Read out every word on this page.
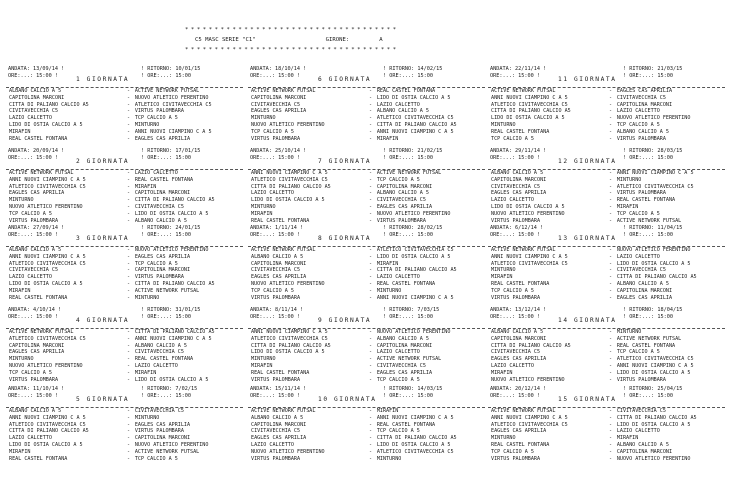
* * * * * * * * * * * * * * * * * * * * * * * * * * * * * * * * * * * *
C5 MASC SERIE "C1"	GIRONE:	A
* * * * * * * * * * * * * * * * * * * * * * * * * * * * * * * * * * * *
ANDATA: 13/09/14 !
ORE:...: 15:00 !
! RITORNO: 10/01/15
! ORE:...: 15:00
1 GIORNATA
ALBANO CALCIO A 5	- ACTIVE NETWORK FUTSAL
CAPITOLINA MARCONI	- NUOVO ATLETICO FERENTINO
CITTA DI PALIANO CALCIO A5	- ATLETICO CIVITAVECCHIA C5
CIVITAVECCHIA C5	- VIRTUS PALOMBARA
LAZIO CALCETTO	- TCP CALCIO A 5
LIDO DI OSTIA CALCIO A 5	- MINTURNO
MIRAFIN	- ANNI NUOVI CIAMPINO C A 5
REAL CASTEL FONTANA	- EAGLES CAS APRILIA
ANDATA: 20/09/14 !
ORE:...: 15:00 !
! RITORNO: 17/01/15
! ORE:...: 15:00
2 GIORNATA
ACTIVE NETWORK FUTSAL	- LAZIO CALCETTO
ANNI NUOVI CIAMPINO C A 5	- REAL CASTEL FONTANA
ATLETICO CIVITAVECCHIA C5	- MIRAFIN
EAGLES CAS APRILIA	- CAPITOLINA MARCONI
MINTURNO	- CITTA DI PALIANO CALCIO A5
NUOVO ATLETICO FERENTINO	- CIVITAVECCHIA C5
TCP CALCIO A 5	- LIDO DI OSTIA CALCIO A 5
VIRTUS PALOMBARA	- ALBANO CALCIO A 5
ANDATA: 27/09/14 !
ORE:...: 15:00 !
! RITORNO: 24/01/15
! ORE:...: 15:00
3 GIORNATA
ALBANO CALCIO A 5	- NUOVO ATLETICO FERENTINO
ANNI NUOVI CIAMPINO C A 5	- EAGLES CAS APRILIA
ATLETICO CIVITAVECCHIA C5	- TCP CALCIO A 5
CIVITAVECCHIA C5	- CAPITOLINA MARCONI
LAZIO CALCETTO	- VIRTUS PALOMBARA
LIDO DI OSTIA CALCIO A 5	- CITTA DI PALIANO CALCIO A5
MIRAFIN	- ACTIVE NETWORK FUTSAL
REAL CASTEL FONTANA	- MINTURNO
ANDATA: 4/10/14 !
ORE:...: 15:00 !
! RITORNO: 31/01/15
! ORE:...: 15:00
4 GIORNATA
ACTIVE NETWORK FUTSAL	- CITTA DI PALIANO CALCIO A5
ATLETICO CIVITAVECCHIA C5	- ANNI NUOVI CIAMPINO C A 5
CAPITOLINA MARCONI	- ALBANO CALCIO A 5
EAGLES CAS APRILIA	- CIVITAVECCHIA C5
MINTURNO	- REAL CASTEL FONTANA
NUOVO ATLETICO FERENTINO	- LAZIO CALCETTO
TCP CALCIO A 5	- MIRAFIN
VIRTUS PALOMBARA	- LIDO DI OSTIA CALCIO A 5
ANDATA: 11/10/14 !
ORE:...: 15:00 !
! RITORNO: 7/02/15
! ORE:...: 15:00
5 GIORNATA
ALBANO CALCIO A 5	- CIVITAVECCHIA C5
ANNI NUOVI CIAMPINO C A 5	- MINTURNO
ATLETICO CIVITAVECCHIA C5	- EAGLES CAS APRILIA
CITTA DI PALIANO CALCIO A5	- VIRTUS PALOMBARA
LAZIO CALCETTO	- CAPITOLINA MARCONI
LIDO DI OSTIA CALCIO A 5	- NUOVO ATLETICO FERENTINO
MIRAFIN	- ACTIVE NETWORK FUTSAL
REAL CASTEL FONTANA	- TCP CALCIO A 5
ANDATA: 18/10/14 !
ORE:...: 15:00 !
! RITORNO: 14/02/15
! ORE:...: 15:00
6 GIORNATA
ACTIVE NETWORK FUTSAL	- REAL CASTEL FONTANA
CAPITOLINA MARCONI	- LIDO DI OSTIA CALCIO A 5
CIVITAVECCHIA C5	- LAZIO CALCETTO
EAGLES CAS APRILIA	- ALBANO CALCIO A 5
MINTURNO	- ATLETICO CIVITAVECCHIA C5
NUOVO ATLETICO FERENTINO	- CITTA DI PALIANO CALCIO A5
TCP CALCIO A 5	- ANNI NUOVI CIAMPINO C A 5
VIRTUS PALOMBARA	- MIRAFIN
ANDATA: 25/10/14 !
ORE:...: 15:00 !
! RITORNO: 21/02/15
! ORE:...: 15:00
7 GIORNATA
ANNI NUOVI CIAMPINO C A 5	- ACTIVE NETWORK FUTSAL
ATLETICO CIVITAVECCHIA C5	- TCP CALCIO A 5
CITTA DI PALIANO CALCIO A5	- CAPITOLINA MARCONI
LAZIO CALCETTO	- ALBANO CALCIO A 5
LIDO DI OSTIA CALCIO A 5	- CIVITAVECCHIA C5
MINTURNO	- EAGLES CAS APRILIA
MIRAFIN	- NUOVO ATLETICO FERENTINO
REAL CASTEL FONTANA	- VIRTUS PALOMBARA
ANDATA: 1/11/14 !
ORE:...: 15:00 !
! RITORNO: 28/02/15
! ORE:...: 15:00
8 GIORNATA
ACTIVE NETWORK FUTSAL	- ATLETICO CIVITAVECCHIA C5
ALBANO CALCIO A 5	- LIDO DI OSTIA CALCIO A 5
CAPITOLINA MARCONI	- MIRAFIN
CIVITAVECCHIA C5	- CITTA DI PALIANO CALCIO A5
EAGLES CAS APRILIA	- LAZIO CALCETTO
NUOVO ATLETICO FERENTINO	- REAL CASTEL FONTANA
TCP CALCIO A 5	- MINTURNO
VIRTUS PALOMBARA	- ANNI NUOVI CIAMPINO C A 5
ANDATA: 8/11/14 !
ORE:...: 15:00 !
! RITORNO: 7/03/15
! ORE:...: 15:00
9 GIORNATA
ANNI NUOVI CIAMPINO C A 5	- NUOVO ATLETICO FERENTINO
ATLETICO CIVITAVECCHIA C5	- ALBANO CALCIO A 5
CITTA DI PALIANO CALCIO A5	- CAPITOLINA MARCONI
LIDO DI OSTIA CALCIO A 5	- LAZIO CALCETTO
MINTURNO	- ACTIVE NETWORK FUTSAL
MIRAFIN	- CIVITAVECCHIA C5
REAL CASTEL FONTANA	- EAGLES CAS APRILIA
VIRTUS PALOMBARA	- TCP CALCIO A 5
ANDATA: 15/11/14 !
ORE:...: 15:00 !
! RITORNO: 14/03/15
! ORE:...: 15:00
10 GIORNATA
ACTIVE NETWORK FUTSAL	- MIRAFIN
ALBANO CALCIO A 5	- ANNI NUOVI CIAMPINO C A 5
CAPITOLINA MARCONI	- REAL CASTEL FONTANA
CIVITAVECCHIA C5	- TCP CALCIO A 5
EAGLES CAS APRILIA	- CITTA DI PALIANO CALCIO A5
LAZIO CALCETTO	- LIDO DI OSTIA CALCIO A 5
NUOVO ATLETICO FERENTINO	- ATLETICO CIVITAVECCHIA C5
VIRTUS PALOMBARA	- MINTURNO
ANDATA: 22/11/14 !
ORE:...: 15:00 !
! RITORNO: 21/03/15
! ORE:...: 15:00
11 GIORNATA
ACTIVE NETWORK FUTSAL	- EAGLES CAS APRILIA
ANNI NUOVI CIAMPINO C A 5	- CIVITAVECCHIA C5
ATLETICO CIVITAVECCHIA C5	- CAPITOLINA MARCONI
CITTA DI PALIANO CALCIO A5	- LAZIO CALCETTO
LIDO DI OSTIA CALCIO A 5	- NUOVO ATLETICO FERENTINO
MINTURNO	- TCP CALCIO A 5
REAL CASTEL FONTANA	- ALBANO CALCIO A 5
TCP CALCIO A 5	- VIRTUS PALOMBARA
ANDATA: 29/11/14 !
ORE:...: 15:00 !
! RITORNO: 28/03/15
! ORE:...: 15:00
12 GIORNATA
ALBANO CALCIO A 5	- ANNI NUOVI CIAMPINO C A 5
CAPITOLINA MARCONI	- MINTURNO
CIVITAVECCHIA C5	- ATLETICO CIVITAVECCHIA C5
EAGLES CAS APRILIA	- VIRTUS PALOMBARA
LAZIO CALCETTO	- REAL CASTEL FONTANA
LIDO DI OSTIA CALCIO A 5	- MIRAFIN
NUOVO ATLETICO FERENTINO	- TCP CALCIO A 5
VIRTUS PALOMBARA	- ACTIVE NETWORK FUTSAL
ANDATA: 6/12/14 !
ORE:...: 15:00 !
! RITORNO: 11/04/15
! ORE:...: 15:00
13 GIORNATA
ACTIVE NETWORK FUTSAL	- NUOVO ATLETICO FERENTINO
ANNI NUOVI CIAMPINO C A 5	- LAZIO CALCETTO
ATLETICO CIVITAVECCHIA C5	- LIDO DI OSTIA CALCIO A 5
MINTURNO	- CIVITAVECCHIA C5
MIRAFIN	- CITTA DI PALIANO CALCIO A5
REAL CASTEL FONTANA	- ALBANO CALCIO A 5
TCP CALCIO A 5	- CAPITOLINA MARCONI
VIRTUS PALOMBARA	- EAGLES CAS APRILIA
ANDATA: 13/12/14 !
ORE:...: 15:00 !
! RITORNO: 18/04/15
! ORE:...: 15:00
14 GIORNATA
ALBANO CALCIO A 5	- MINTURNO
CAPITOLINA MARCONI	- ACTIVE NETWORK FUTSAL
CITTA DI PALIANO CALCIO A5	- REAL CASTEL FONTANA
CIVITAVECCHIA C5	- TCP CALCIO A 5
EAGLES CAS APRILIA	- ATLETICO CIVITAVECCHIA C5
LAZIO CALCETTO	- ANNI NUOVI CIAMPINO C A 5
MIRAFIN	- LIDO DI OSTIA CALCIO A 5
NUOVO ATLETICO FERENTINO	- VIRTUS PALOMBARA
ANDATA: 20/12/14 !
ORE:...: 15:00 !
! RITORNO: 25/04/15
! ORE:...: 15:00
15 GIORNATA
ACTIVE NETWORK FUTSAL	- CIVITAVECCHIA C5
ANNI NUOVI CIAMPINO C A 5	- CITTA DI PALIANO CALCIO A5
ATLETICO CIVITAVECCHIA C5	- LIDO DI OSTIA CALCIO A 5
EAGLES CAS APRILIA	- LAZIO CALCETTO
MINTURNO	- MIRAFIN
REAL CASTEL FONTANA	- ALBANO CALCIO A 5
TCP CALCIO A 5	- CAPITOLINA MARCONI
VIRTUS PALOMBARA	- NUOVO ATLETICO FERENTINO
